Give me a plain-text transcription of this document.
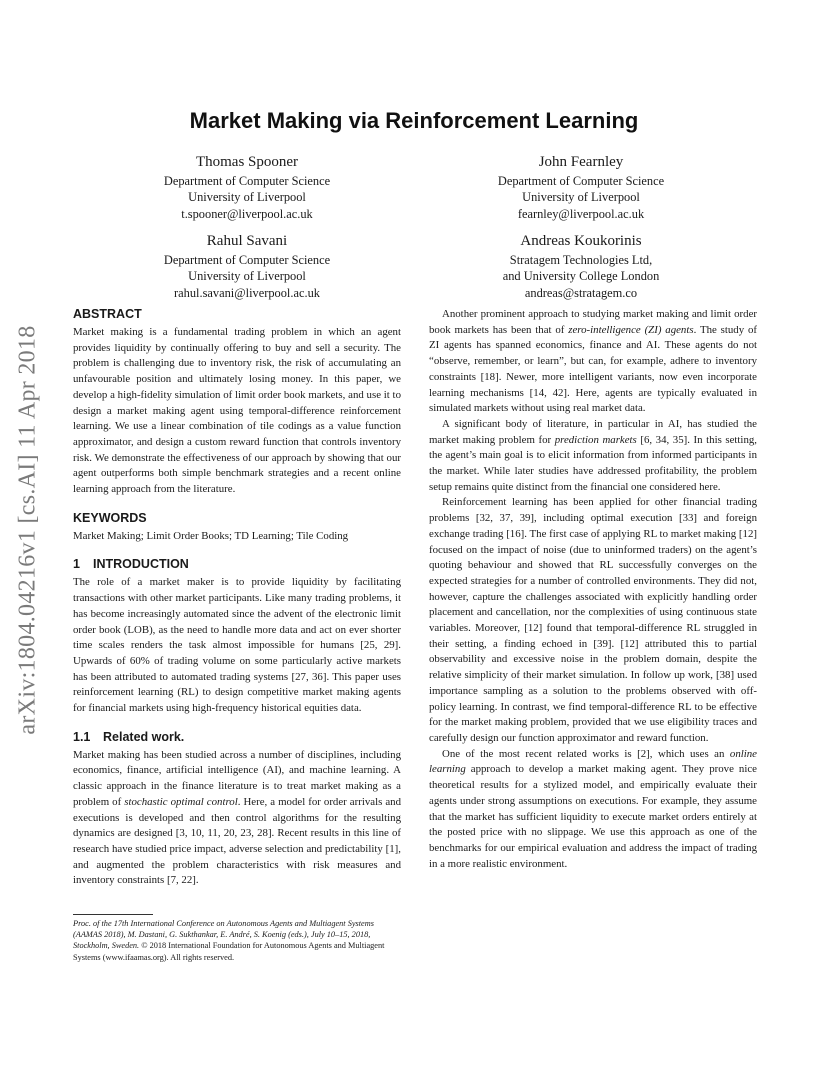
arXiv:1804.04216v1 [cs.AI] 11 Apr 2018
Market Making via Reinforcement Learning
Thomas Spooner
Department of Computer Science
University of Liverpool
t.spooner@liverpool.ac.uk
John Fearnley
Department of Computer Science
University of Liverpool
fearnley@liverpool.ac.uk
Rahul Savani
Department of Computer Science
University of Liverpool
rahul.savani@liverpool.ac.uk
Andreas Koukorinis
Stratagem Technologies Ltd,
and University College London
andreas@stratagem.co
ABSTRACT

Market making is a fundamental trading problem in which an agent provides liquidity by continually offering to buy and sell a security. The problem is challenging due to inventory risk, the risk of accumulating an unfavourable position and ultimately losing money. In this paper, we develop a high-fidelity simulation of limit order book markets, and use it to design a market making agent using temporal-difference reinforcement learning. We use a linear combination of tile codings as a value function approximator, and design a custom reward function that controls inventory risk. We demonstrate the effectiveness of our approach by showing that our agent outperforms both simple benchmark strategies and a recent online learning approach from the literature.

KEYWORDS

Market Making; Limit Order Books; TD Learning; Tile Coding

1 INTRODUCTION

The role of a market maker is to provide liquidity by facilitating transactions with other market participants. Like many trading problems, it has become increasingly automated since the advent of the electronic limit order book (LOB), as the need to handle more data and act on ever shorter time scales renders the task almost impossible for humans [25, 29]. Upwards of 60% of trading volume on some particularly active markets has been attributed to automated trading systems [27, 36]. This paper uses reinforcement learning (RL) to design competitive market making agents for financial markets using high-frequency historical equities data.

1.1 Related work.

Market making has been studied across a number of disciplines, including economics, finance, artificial intelligence (AI), and machine learning. A classic approach in the finance literature is to treat market making as a problem of stochastic optimal control. Here, a model for order arrivals and executions is developed and then control algorithms for the resulting dynamics are designed [3, 10, 11, 20, 23, 28]. Recent results in this line of research have studied price impact, adverse selection and predictability [1], and augmented the problem characteristics with risk measures and inventory constraints [7, 22].

Another prominent approach to studying market making and limit order book markets has been that of zero-intelligence (ZI) agents. The study of ZI agents has spanned economics, finance and AI. These agents do not “observe, remember, or learn”, but can, for example, adhere to inventory constraints [18]. Newer, more intelligent variants, now even incorporate learning mechanisms [14, 42]. Here, agents are typically evaluated in simulated markets without using real market data.

A significant body of literature, in particular in AI, has studied the market making problem for prediction markets [6, 34, 35]. In this setting, the agent’s main goal is to elicit information from informed participants in the market. While later studies have addressed profitability, the problem setup remains quite distinct from the financial one considered here.

Reinforcement learning has been applied for other financial trading problems [32, 37, 39], including optimal execution [33] and foreign exchange trading [16]. The first case of applying RL to market making [12] focused on the impact of noise (due to uninformed traders) on the agent’s quoting behaviour and showed that RL successfully converges on the expected strategies for a number of controlled environments. They did not, however, capture the challenges associated with explicitly handling order placement and cancellation, nor the complexities of using continuous state variables. Moreover, [12] found that temporal-difference RL struggled in their setting, a finding echoed in [39]. [12] attributed this to partial observability and excessive noise in the problem domain, despite the relative simplicity of their market simulation. In follow up work, [38] used importance sampling as a solution to the problems observed with off-policy learning. In contrast, we find temporal-difference RL to be effective for the market making problem, provided that we use eligibility traces and carefully design our function approximator and reward function.

One of the most recent related works is [2], which uses an online learning approach to develop a market making agent. They prove nice theoretical results for a stylized model, and empirically evaluate their agents under strong assumptions on executions. For example, they assume that the market has sufficient liquidity to execute market orders entirely at the posted price with no slippage. We use this approach as one of the benchmarks for our empirical evaluation and address the impact of trading in a more realistic environment.

Proc. of the 17th International Conference on Autonomous Agents and Multiagent Systems (AAMAS 2018), M. Dastani, G. Sukthankar, E. André, S. Koenig (eds.), July 10–15, 2018, Stockholm, Sweden. © 2018 International Foundation for Autonomous Agents and Multiagent Systems (www.ifaamas.org). All rights reserved.
